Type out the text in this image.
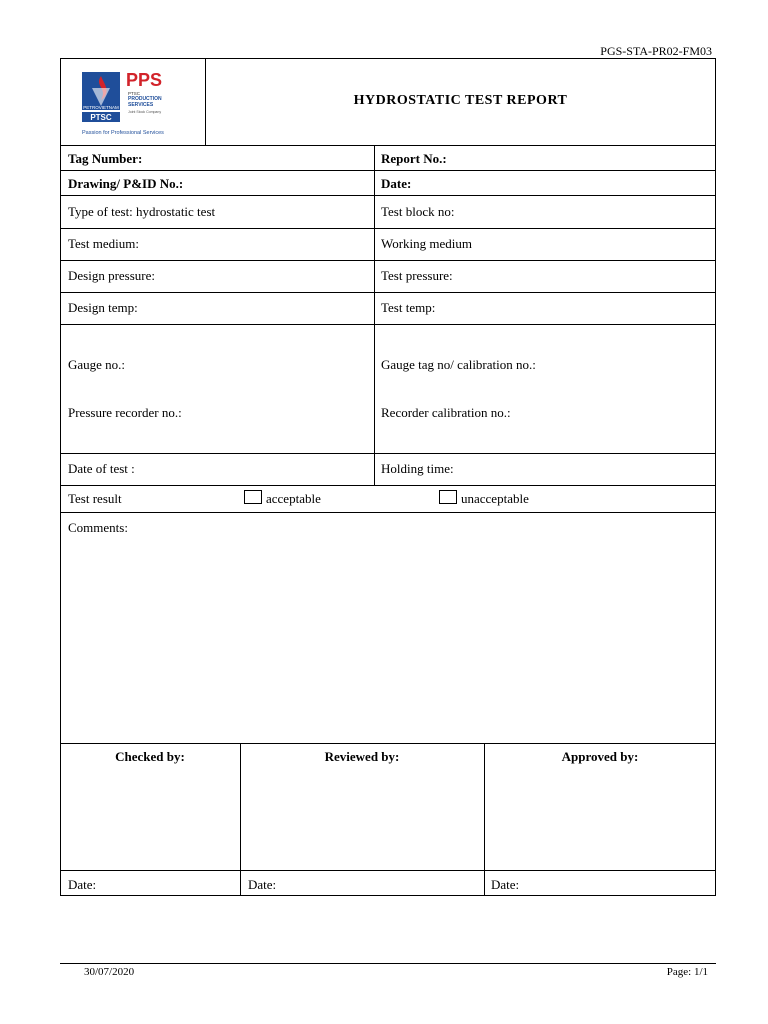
PGS-STA-PR02-FM03
PETROVIETNAM
PTSC
PPS
PTSC
PRODUCTION
SERVICES
Joint Stock Company
Passion for Professional Services
HYDROSTATIC TEST REPORT
Tag Number:	Report No.:
Drawing/ P&ID No.:	Date:
Type of test: hydrostatic test	Test block no:
Test medium:	Working medium
Design pressure:	Test pressure:
Design temp:	Test temp:
Gauge no.:	Gauge tag no/ calibration no.:
Pressure recorder no.:	Recorder calibration no.:
Date of test :	Holding time:
Test result	acceptable	unacceptable
Comments:
Checked by:	Reviewed by:	Approved by:
Date:	Date:	Date:
30/07/2020	Page: 1/1
